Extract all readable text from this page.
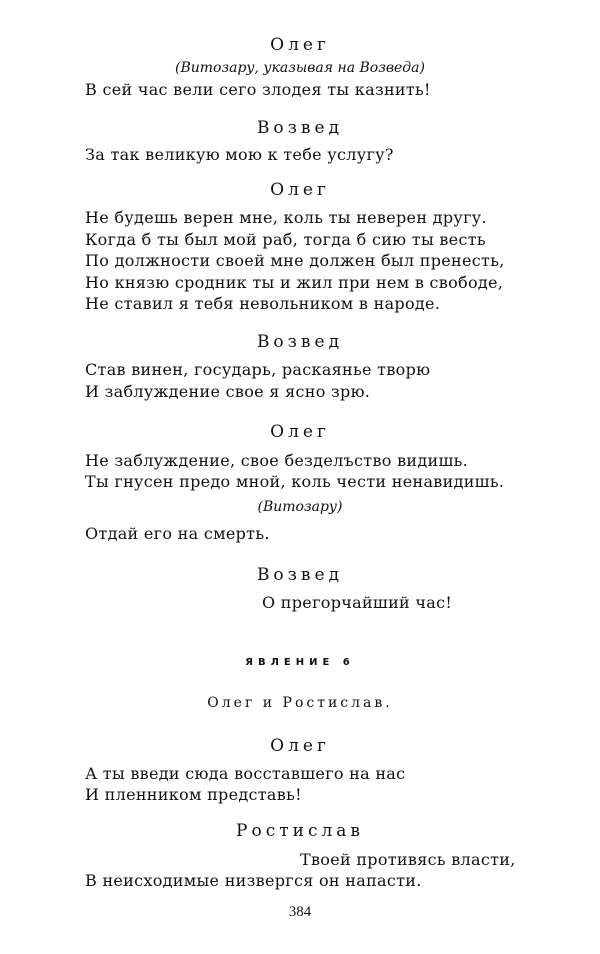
Олег
(Витозару, указывая на Возведа)
В сей час вели сего злодея ты казнить!
Возвед
За так великую мою к тебе услугу?
Олег
Не будешь верен мне, коль ты неверен другу.
Когда б ты был мой раб, тогда б сию ты весть
По должности своей мне должен был пренесть,
Но князю сродник ты и жил при нем в свободе,
Не ставил я тебя невольником в народе.
Возвед
Став винен, государь, раскаянье творю
И заблуждение свое я ясно зрю.
Олег
Не заблуждение, свое безделъство видишь.
Ты гнусен предо мной, коль чести ненавидишь.
(Витозару)
Отдай его на смерть.
Возвед
О прегорчайший час!
ЯВЛЕНИЕ 6
Олег и Ростислав.
Олег
А ты введи сюда восставшего на нас
И пленником представь!
Ростислав
Твоей противясь власти,
В неисходимые низвергся он напасти.
384
